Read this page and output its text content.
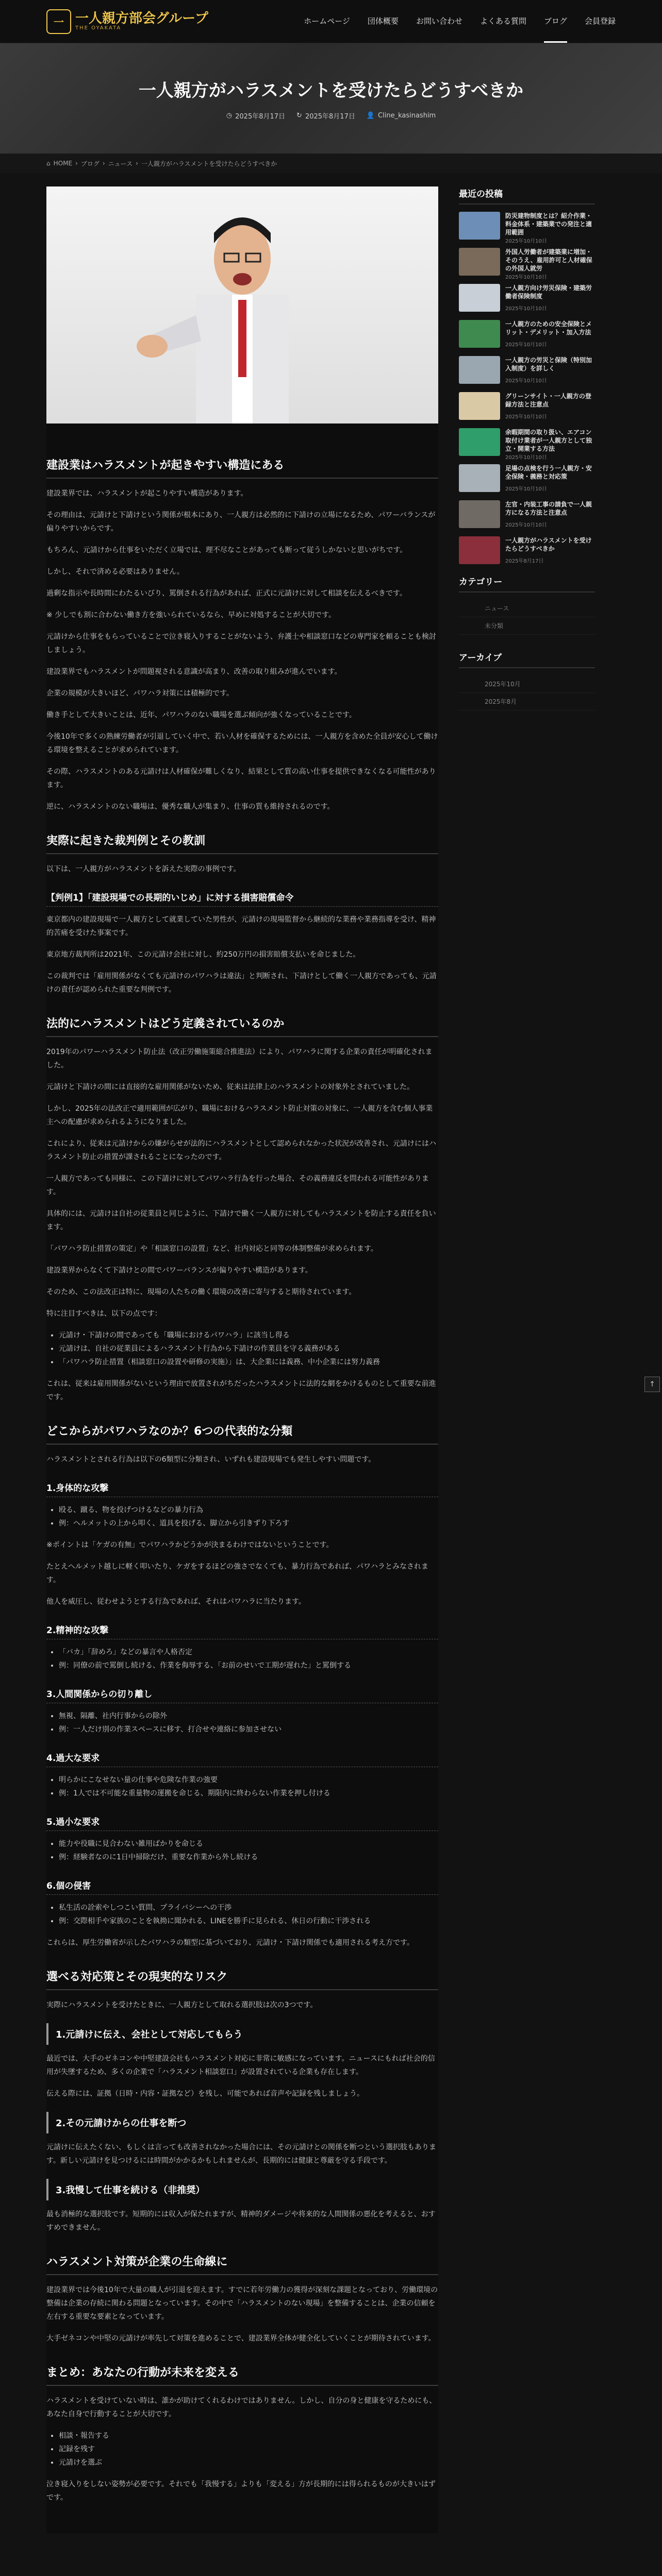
一 一人親方部会グループ
THE OYAKATA
ホームページ 団体概要 お問い合わせ よくある質問 ブログ 会員登録
一人親方がハラスメントを受けたらどうすべきか
◷ 2025年8月17日 ↻ 2025年8月17日 👤 Cline_kasinashim
⌂ HOME › ブログ › ニュース › 一人親方がハラスメントを受けたらどうすべきか
建設業はハラスメントが起きやすい構造にある

建設業界では、ハラスメントが起こりやすい構造があります。

その理由は、元請けと下請けという関係が根本にあり、一人親方は必然的に下請けの立場になるため、パワーバランスが偏りやすいからです。

もちろん、元請けから仕事をいただく立場では、理不尽なことがあっても断って従うしかないと思いがちです。

しかし、それで済める必要はありません。

過剰な指示や長時間にわたるいびり、罵倒される行為があれば、正式に元請けに対して相談を伝えるべきです。

※ 少しでも割に合わない働き方を強いられているなら、早めに対処することが大切です。

元請けから仕事をもらっていることで泣き寝入りすることがないよう、弁護士や相談窓口などの専門家を頼ることも検討しましょう。

建設業界でもハラスメントが問題視される意識が高まり、改善の取り組みが進んでいます。

企業の規模が大きいほど、パワハラ対策には積極的です。

働き手として大きいことは、近年、パワハラのない職場を選ぶ傾向が強くなっていることです。

今後10年で多くの熟練労働者が引退していく中で、若い人材を確保するためには、一人親方を含めた全員が安心して働ける環境を整えることが求められています。

その際、ハラスメントのある元請けは人材確保が難しくなり、結果として質の高い仕事を提供できなくなる可能性があります。

逆に、ハラスメントのない職場は、優秀な職人が集まり、仕事の質も維持されるのです。

実際に起きた裁判例とその教訓

以下は、一人親方がハラスメントを訴えた実際の事例です。

【判例1】「建設現場での長期的いじめ」に対する損害賠償命令

東京都内の建設現場で一人親方として就業していた男性が、元請けの現場監督から継続的な業務や業務指導を受け、精神的苦痛を受けた事案です。

東京地方裁判所は2021年、この元請け会社に対し、約250万円の損害賠償支払いを命じました。

この裁判では「雇用関係がなくても元請けのパワハラは違法」と判断され、下請けとして働く一人親方であっても、元請けの責任が認められた重要な判例です。

法的にハラスメントはどう定義されているのか

2019年のパワーハラスメント防止法（改正労働施策総合推進法）により、パワハラに関する企業の責任が明確化されました。

元請けと下請けの間には直接的な雇用関係がないため、従来は法律上のハラスメントの対象外とされていました。

しかし、2025年の法改正で適用範囲が広がり、職場におけるハラスメント防止対策の対象に、一人親方を含む個人事業主への配慮が求められるようになりました。

これにより、従来は元請けからの嫌がらせが法的にハラスメントとして認められなかった状況が改善され、元請けにはハラスメント防止の措置が課されることになったのです。

一人親方であっても同様に、この下請けに対してパワハラ行為を行った場合、その義務違反を問われる可能性があります。

具体的には、元請けは自社の従業員と同じように、下請けで働く一人親方に対してもハラスメントを防止する責任を負います。

「パワハラ防止措置の策定」や「相談窓口の設置」など、社内対応と同等の体制整備が求められます。

建設業界からなくて下請けとの間でパワーバランスが偏りやすい構造があります。

そのため、この法改正は特に、現場の人たちの働く環境の改善に寄与すると期待されています。

特に注目すべきは、以下の点です：

• 元請け・下請けの間であっても「職場におけるパワハラ」に該当し得る
• 元請けは、自社の従業員によるハラスメント行為から下請けの作業員を守る義務がある
• 「パワハラ防止措置（相談窓口の設置や研修の実施）」は、大企業には義務、中小企業には努力義務

これは、従来は雇用関係がないという理由で放置されがちだったハラスメントに法的な網をかけるものとして重要な前進です。

どこからがパワハラなのか？6つの代表的な分類

ハラスメントとされる行為は以下の6類型に分類され、いずれも建設現場でも発生しやすい問題です。

1.身体的な攻撃
• 殴る、蹴る、物を投げつけるなどの暴力行為
• 例：ヘルメットの上から叩く、道具を投げる、脚立から引きずり下ろす

※ポイントは「ケガの有無」でパワハラかどうかが決まるわけではないということです。

たとえヘルメット越しに軽く叩いたり、ケガをするほどの強さでなくても、暴力行為であれば、パワハラとみなされます。

他人を威圧し、従わせようとする行為であれば、それはパワハラに当たります。

2.精神的な攻撃
• 「バカ」「辞めろ」などの暴言や人格否定
• 例：同僚の前で罵倒し続ける、作業を侮辱する、「お前のせいで工期が遅れた」と罵倒する
3.人間関係からの切り離し
• 無視、隔離、社内行事からの除外
• 例：一人だけ別の作業スペースに移す、打合せや連絡に参加させない
4.過大な要求
• 明らかにこなせない量の仕事や危険な作業の強要
• 例：1人では不可能な重量物の運搬を命じる、期限内に終わらない作業を押し付ける
5.過小な要求
• 能力や役職に見合わない雑用ばかりを命じる
• 例：経験者なのに1日中掃除だけ、重要な作業から外し続ける
6.個の侵害
• 私生活の詮索やしつこい質問、プライバシーへの干渉
• 例：交際相手や家族のことを執拗に聞かれる、LINEを勝手に見られる、休日の行動に干渉される

これらは、厚生労働省が示したパワハラの類型に基づいており、元請け・下請け関係でも適用される考え方です。

選べる対応策とその現実的なリスク

実際にハラスメントを受けたときに、一人親方として取れる選択肢は次の3つです。

1.元請けに伝え、会社として対応してもらう

最近では、大手のゼネコンや中堅建設会社もハラスメント対応に非常に敏感になっています。ニュースにもれば社会的信用が失墜するため、多くの企業で「ハラスメント相談窓口」が設置されている企業も存在します。

伝える際には、証拠（日時・内容・証拠など）を残し、可能であれば音声や記録を残しましょう。

2.その元請けからの仕事を断つ

元請けに伝えたくない、もしくは言っても改善されなかった場合には、その元請けとの関係を断つという選択肢もあります。新しい元請けを見つけるには時間がかかるかもしれませんが、長期的には健康と尊厳を守る手段です。

3.我慢して仕事を続ける（非推奨）

最も消極的な選択肢です。短期的には収入が保たれますが、精神的ダメージや将来的な人間関係の悪化を考えると、おすすめできません。

ハラスメント対策が企業の生命線に

建設業界では今後10年で大量の職人が引退を迎えます。すでに若年労働力の獲得が深刻な課題となっており、労働環境の整備は企業の存続に関わる問題となっています。その中で「ハラスメントのない現場」を整備することは、企業の信頼を左右する重要な要素となっています。

大手ゼネコンや中堅の元請けが率先して対策を進めることで、建設業界全体が健全化していくことが期待されています。

まとめ：あなたの行動が未来を変える

ハラスメントを受けていない時は、誰かが助けてくれるわけではありません。しかし、自分の身と健康を守るためにも、あなた自身で行動することが大切です。

• 相談・報告する
• 記録を残す
• 元請けを選ぶ

泣き寝入りをしない姿勢が必要です。それでも「我慢する」よりも「変える」方が長期的には得られるものが大きいはずです。

最近の投稿
防災建物制度とは？紹介作業・料金体系・建築業での発注と適用範囲
2025年10月10日
外国人労働者が建築業に増加・そのうえ、雇用許可と人材確保の外国人就労
2025年10月10日
一人親方向け労災保険・建築労働者保険制度
2025年10月10日
一人親方のための安全保険とメリット・デメリット・加入方法
2025年10月10日
一人親方の労災と保険（特別加入制度）を詳しく
2025年10月10日
グリーンサイト・一人親方の登録方法と注意点
2025年10月10日
余暇期間の取り扱い、エアコン取付け業者が一人親方として独立・開業する方法
2025年10月10日
足場の点検を行う一人親方・安全保険・義務と対応策
2025年10月10日
左官・内装工事の請負で一人親方になる方法と注意点
2025年10月10日
一人親方がハラスメントを受けたらどうすべきか
2025年8月17日
カテゴリー
ニュース
未分類
アーカイブ
2025年10月
2025年8月
↑
